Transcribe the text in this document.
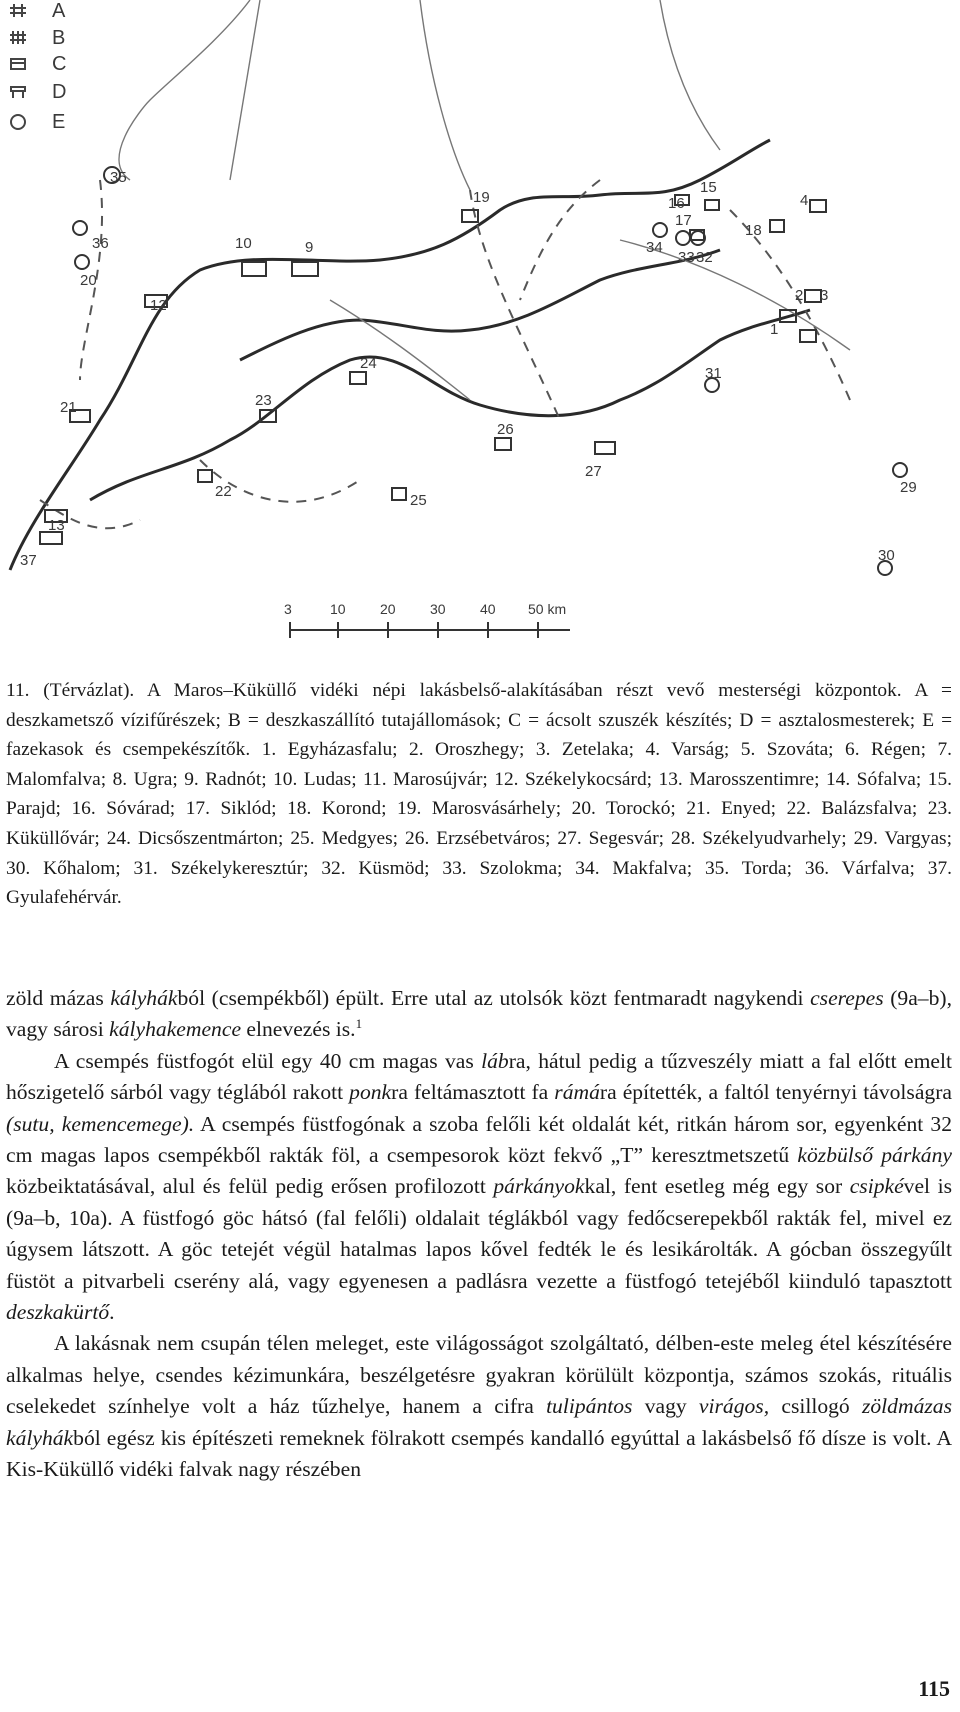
A
B
C
D
E
35
36
20
12
21
37
13
10	9
23
24
22
25
26
27
19	16
15
17
18
4
34
33 32
2 3
1
31
29
30
3	10 20 30 40 50 km
11. (Térvázlat). A Maros–Küküllő vidéki népi lakásbelső-alakításában részt vevő mesterségi központok. A = deszkametsző vízifűrészek; B = deszkaszállító tutajállomások; C = ácsolt szuszék készítés; D = asztalosmesterek; E = fazekasok és csempekészítők. 1. Egyházasfalu; 2. Oroszhegy; 3. Zetelaka; 4. Varság; 5. Szováta; 6. Régen; 7. Malomfalva; 8. Ugra; 9. Radnót; 10. Ludas; 11. Marosújvár; 12. Székelykocsárd; 13. Marosszentimre; 14. Sófalva; 15. Parajd; 16. Sóvárad; 17. Siklód; 18. Korond; 19. Marosvásárhely; 20. Torockó; 21. Enyed; 22. Balázsfalva; 23. Küküllővár; 24. Dicsőszentmárton; 25. Medgyes; 26. Erzsébetváros; 27. Segesvár; 28. Székelyudvarhely; 29. Vargyas; 30. Kőhalom; 31. Székelykeresztúr; 32. Küsmöd; 33. Szolokma; 34. Makfalva; 35. Torda; 36. Várfalva; 37. Gyulafehérvár.

zöld mázas kályhákból (csempékből) épült. Erre utal az utolsók közt fentmaradt nagykendi cserepes (9a–b), vagy sárosi kályhakemence elnevezés is.$^1$

A csempés füstfogót elül egy 40 cm magas vas lábra, hátul pedig a tűzveszély miatt a fal előtt emelt hőszigetelő sárból vagy téglából rakott ponkra feltámasztott fa rámára építették, a faltól tenyérnyi távolságra (sutu, kemencemege). A csempés füstfogónak a szoba felőli két oldalát két, ritkán három sor, egyenként 32 cm magas lapos csempékből rakták föl, a csempesorok közt fekvő „T” keresztmetszetű közbülső párkány közbeiktatásával, alul és felül pedig erősen profilozott párkányokkal, fent esetleg még egy sor csipkével is (9a–b, 10a). A füstfogó göc hátsó (fal felőli) oldalait téglákból vagy fedőcserepekből rakták fel, mivel ez úgysem látszott. A göc tetejét végül hatalmas lapos kővel fedték le és lesikárolták. A gócban összegyűlt füstöt a pitvarbeli cserény alá, vagy egyenesen a padlásra vezette a füstfogó tetejéből kiinduló tapasztott deszkakürtő.

A lakásnak nem csupán télen meleget, este világosságot szolgáltató, délben-este meleg étel készítésére alkalmas helye, csendes kézimunkára, beszélgetésre gyakran körülült központja, számos szokás, rituális cselekedet színhelye volt a ház tűzhelye, hanem a cifra tulipántos vagy virágos, csillogó zöldmázas kályhákból egész kis építészeti remeknek fölrakott csempés kandalló egyúttal a lakásbelső fő dísze is volt. A Kis-Küküllő vidéki falvak nagy részében

115
